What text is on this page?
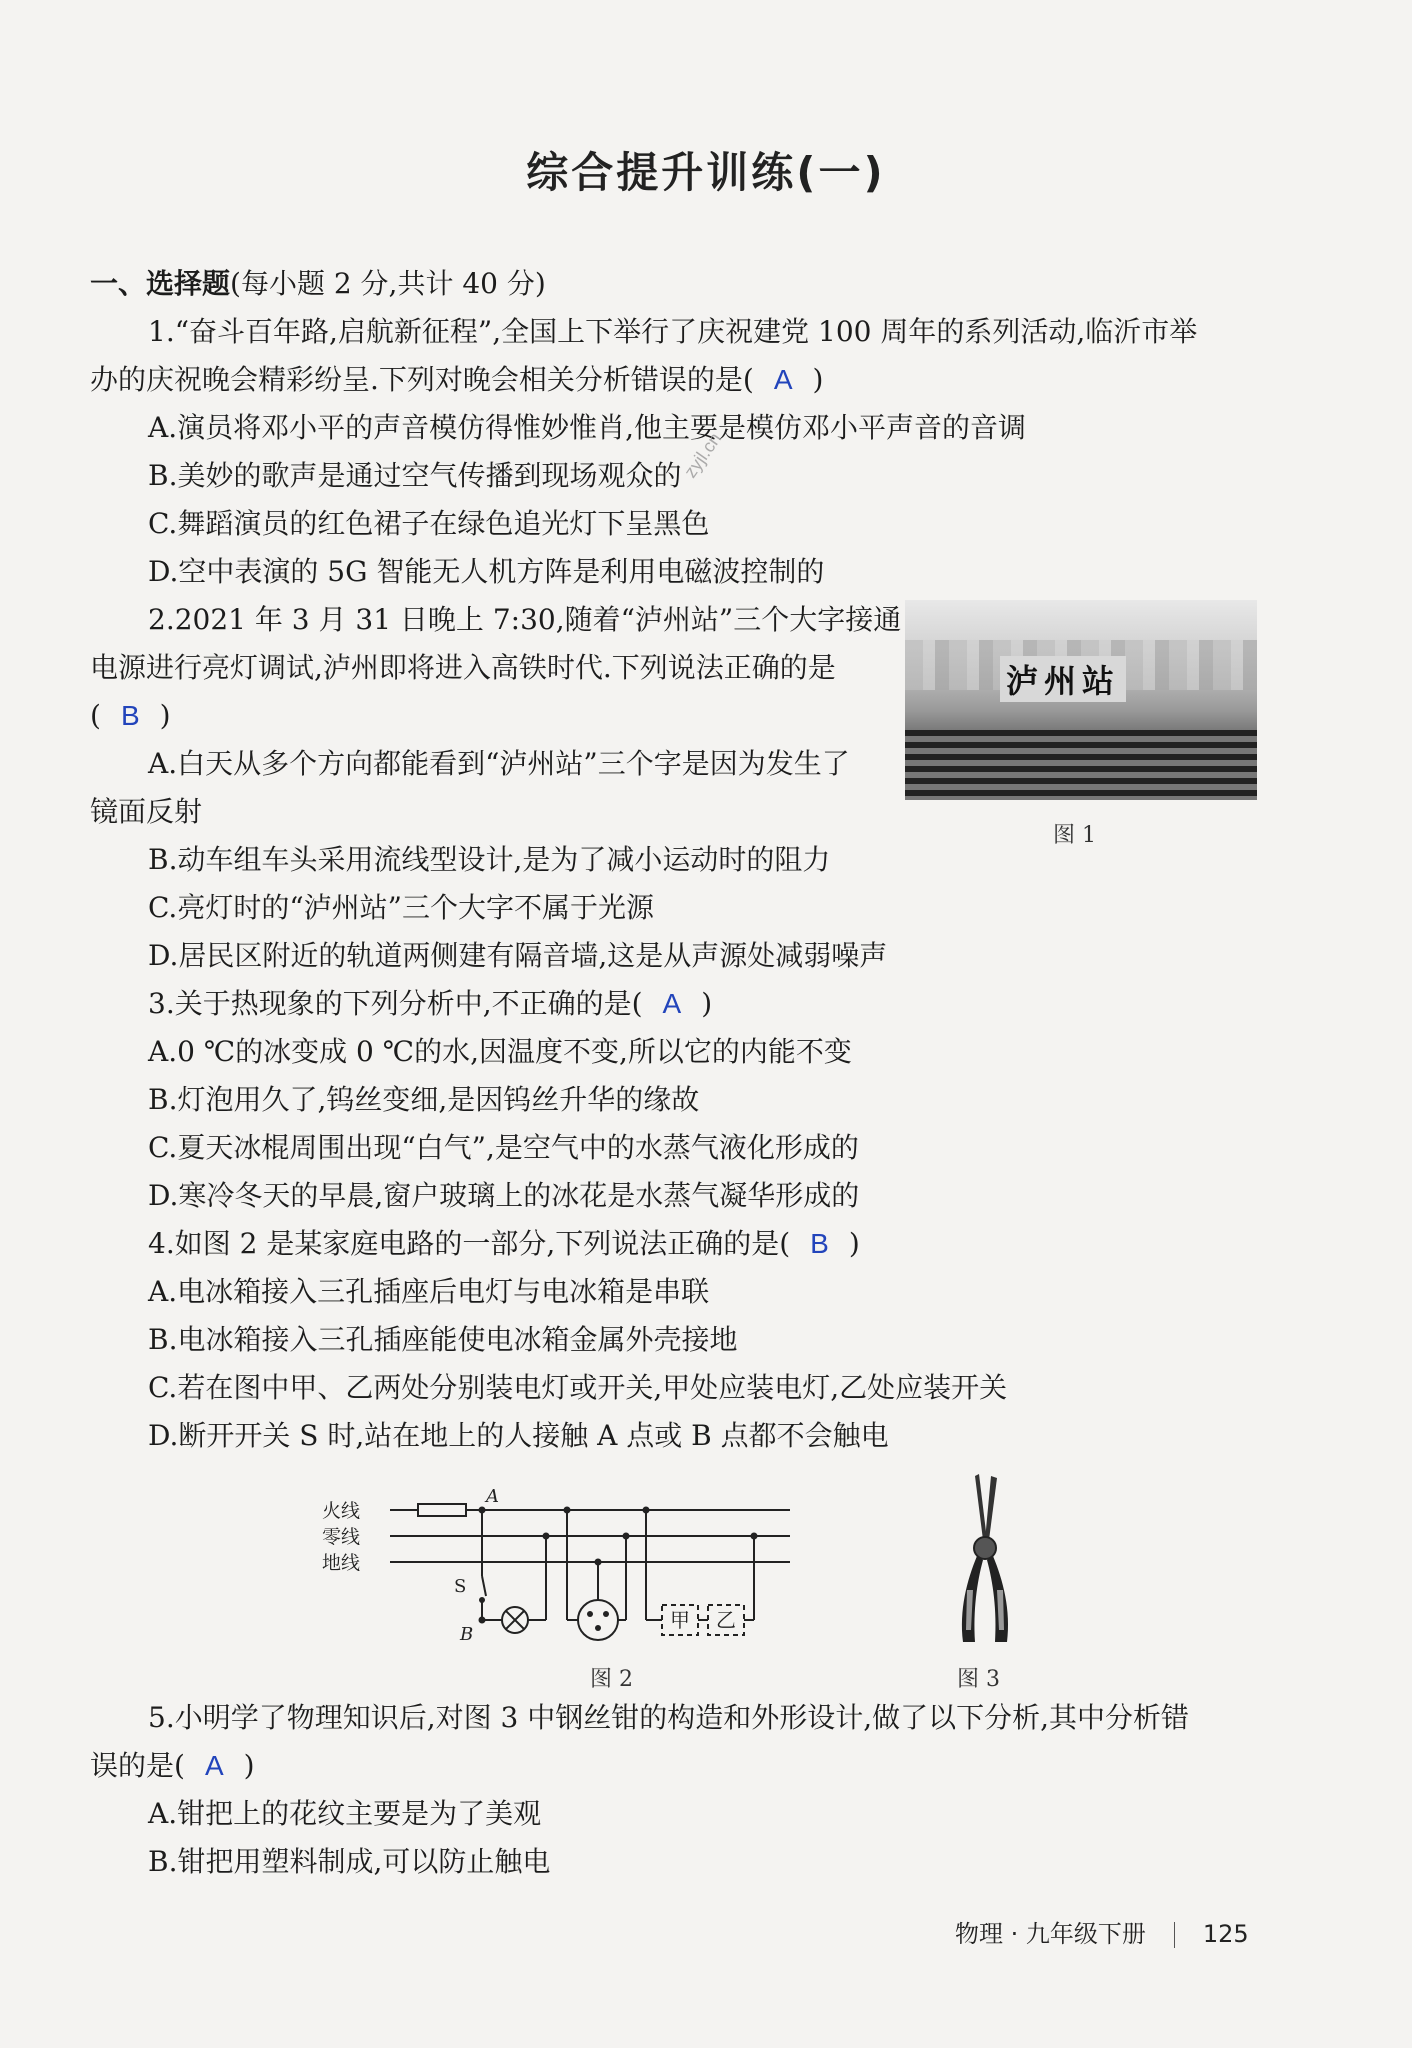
综合提升训练(一)
一、选择题(每小题 2 分,共计 40 分)
1.“奋斗百年路,启航新征程”,全国上下举行了庆祝建党 100 周年的系列活动,临沂市举
办的庆祝晚会精彩纷呈.下列对晚会相关分析错误的是( A )
A.演员将邓小平的声音模仿得惟妙惟肖,他主要是模仿邓小平声音的音调
B.美妙的歌声是通过空气传播到现场观众的
C.舞蹈演员的红色裙子在绿色追光灯下呈黑色
D.空中表演的 5G 智能无人机方阵是利用电磁波控制的
zyjl.cn
2.2021 年 3 月 31 日晚上 7:30,随着“泸州站”三个大字接通
电源进行亮灯调试,泸州即将进入高铁时代.下列说法正确的是
( B )
A.白天从多个方向都能看到“泸州站”三个字是因为发生了
镜面反射
B.动车组车头采用流线型设计,是为了减小运动时的阻力
C.亮灯时的“泸州站”三个大字不属于光源
D.居民区附近的轨道两侧建有隔音墙,这是从声源处减弱噪声
泸州站
图 1
3.关于热现象的下列分析中,不正确的是( A )
A.0 ℃的冰变成 0 ℃的水,因温度不变,所以它的内能不变
B.灯泡用久了,钨丝变细,是因钨丝升华的缘故
C.夏天冰棍周围出现“白气”,是空气中的水蒸气液化形成的
D.寒冷冬天的早晨,窗户玻璃上的冰花是水蒸气凝华形成的
4.如图 2 是某家庭电路的一部分,下列说法正确的是( B )
A.电冰箱接入三孔插座后电灯与电冰箱是串联
B.电冰箱接入三孔插座能使电冰箱金属外壳接地
C.若在图中甲、乙两处分别装电灯或开关,甲处应装电灯,乙处应装开关
D.断开开关 S 时,站在地上的人接触 A 点或 B 点都不会触电
火线
零线
地线
A
S
B
甲 乙
图 2	图 3
5.小明学了物理知识后,对图 3 中钢丝钳的构造和外形设计,做了以下分析,其中分析错
误的是( A )
A.钳把上的花纹主要是为了美观
B.钳把用塑料制成,可以防止触电
物理 · 九年级下册 125
